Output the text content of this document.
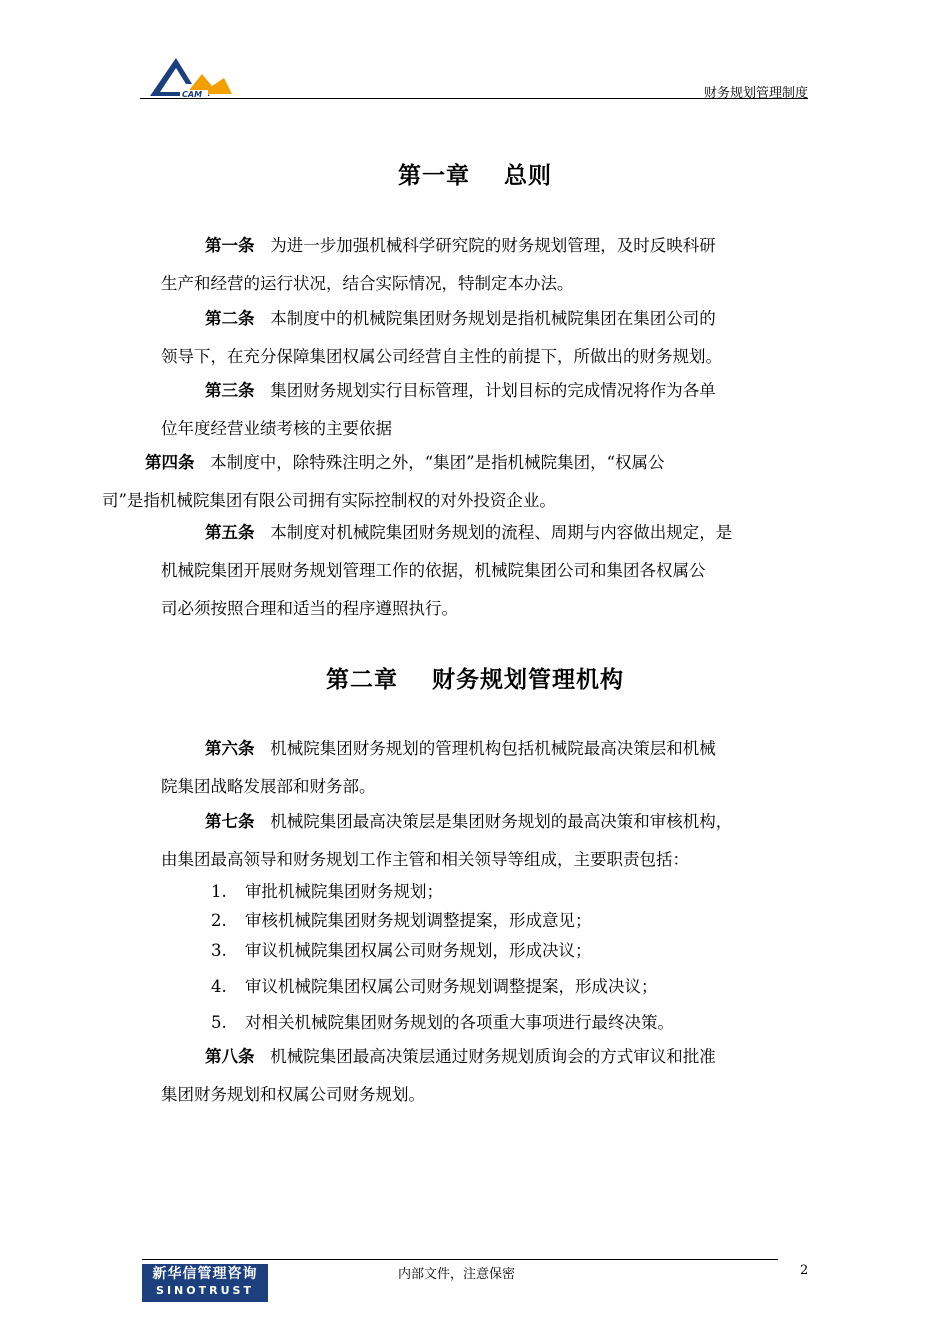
CAM	财务规划管理制度
第一章 总则
第一条 为进一步加强机械科学研究院的财务规划管理，及时反映科研
生产和经营的运行状况，结合实际情况，特制定本办法。
第二条 本制度中的机械院集团财务规划是指机械院集团在集团公司的
领导下，在充分保障集团权属公司经营自主性的前提下，所做出的财务规划。
第三条 集团财务规划实行目标管理，计划目标的完成情况将作为各单
位年度经营业绩考核的主要依据
第四条 本制度中，除特殊注明之外，“集团”是指机械院集团，“权属公
司”是指机械院集团有限公司拥有实际控制权的对外投资企业。
第五条 本制度对机械院集团财务规划的流程、周期与内容做出规定，是
机械院集团开展财务规划管理工作的依据，机械院集团公司和集团各权属公
司必须按照合理和适当的程序遵照执行。
第二章 财务规划管理机构
第六条 机械院集团财务规划的管理机构包括机械院最高决策层和机械
院集团战略发展部和财务部。
第七条 机械院集团最高决策层是集团财务规划的最高决策和审核机构，
由集团最高领导和财务规划工作主管和相关领导等组成，主要职责包括：
1. 审批机械院集团财务规划；
2. 审核机械院集团财务规划调整提案，形成意见；
3. 审议机械院集团权属公司财务规划，形成决议；
4. 审议机械院集团权属公司财务规划调整提案，形成决议；
5. 对相关机械院集团财务规划的各项重大事项进行最终决策。
第八条 机械院集团最高决策层通过财务规划质询会的方式审议和批准
集团财务规划和权属公司财务规划。
新华信管理咨询
SINOTRUST
内部文件，注意保密	2
